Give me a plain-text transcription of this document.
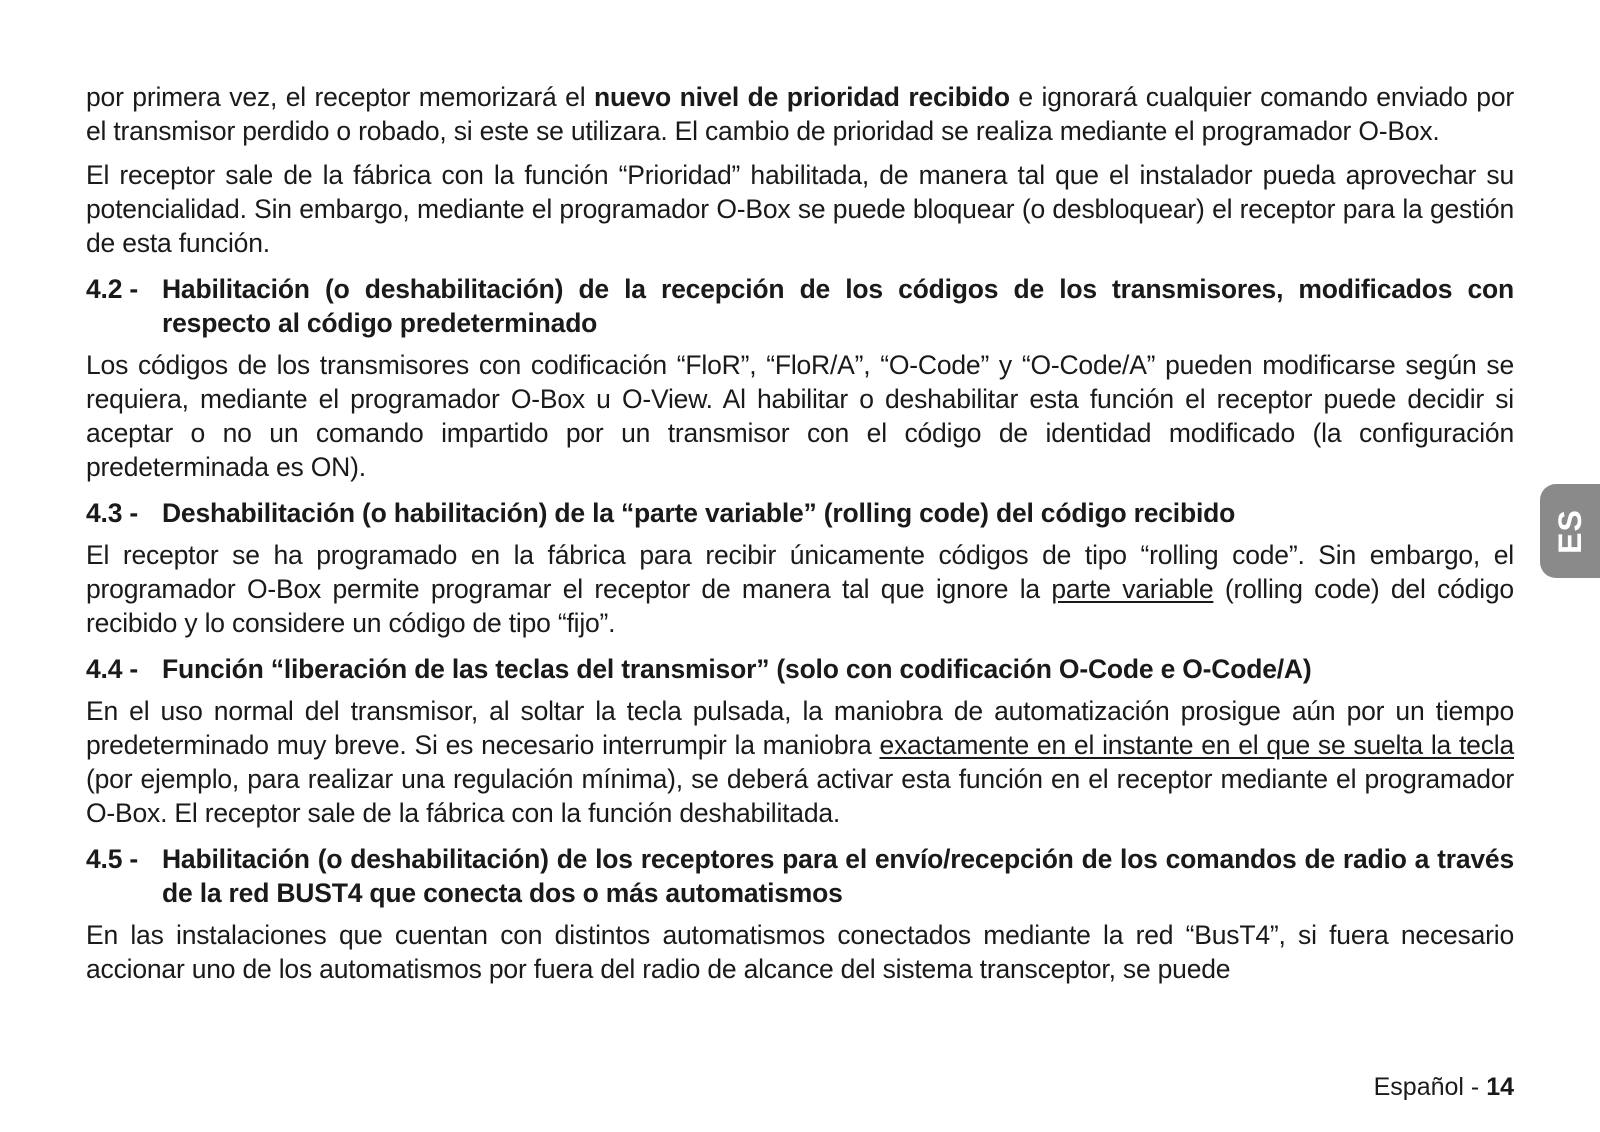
por primera vez, el receptor memorizará el nuevo nivel de prioridad recibido e ignorará cualquier comando enviado por el transmisor perdido o robado, si este se utilizara. El cambio de prioridad se realiza mediante el programador O-Box.

El receptor sale de la fábrica con la función “Prioridad” habilitada, de manera tal que el instalador pueda aprovechar su potencialidad. Sin embargo, mediante el programador O-Box se puede bloquear (o desbloquear) el receptor para la gestión de esta función.

4.2 - Habilitación (o deshabilitación) de la recepción de los códigos de los transmisores, modificados con respecto al código predeterminado

Los códigos de los transmisores con codificación “FloR”, “FloR/A”, “O-Code” y “O-Code/A” pueden modificarse según se requiera, mediante el programador O-Box u O-View. Al habilitar o deshabilitar esta función el receptor puede decidir si aceptar o no un comando impartido por un transmisor con el código de identidad modificado (la configuración predeterminada es ON).

4.3 - Deshabilitación (o habilitación) de la “parte variable” (rolling code) del código recibido

El receptor se ha programado en la fábrica para recibir únicamente códigos de tipo “rolling code”. Sin embargo, el programador O-Box permite programar el receptor de manera tal que ignore la parte variable (rolling code) del código recibido y lo considere un código de tipo “fijo”.

4.4 - Función “liberación de las teclas del transmisor” (solo con codificación O-Code e O-Code/A)

En el uso normal del transmisor, al soltar la tecla pulsada, la maniobra de automatización prosigue aún por un tiempo predeterminado muy breve. Si es necesario interrumpir la maniobra exactamente en el instante en el que se suelta la tecla (por ejemplo, para realizar una regulación mínima), se deberá activar esta función en el receptor mediante el programador O-Box. El receptor sale de la fábrica con la función deshabilitada.

4.5 - Habilitación (o deshabilitación) de los receptores para el envío/recepción de los comandos de radio a través de la red BUST4 que conecta dos o más automatismos

En las instalaciones que cuentan con distintos automatismos conectados mediante la red “BusT4”, si fuera necesario accionar uno de los automatismos por fuera del radio de alcance del sistema transceptor, se puede

ES
Español - 14
